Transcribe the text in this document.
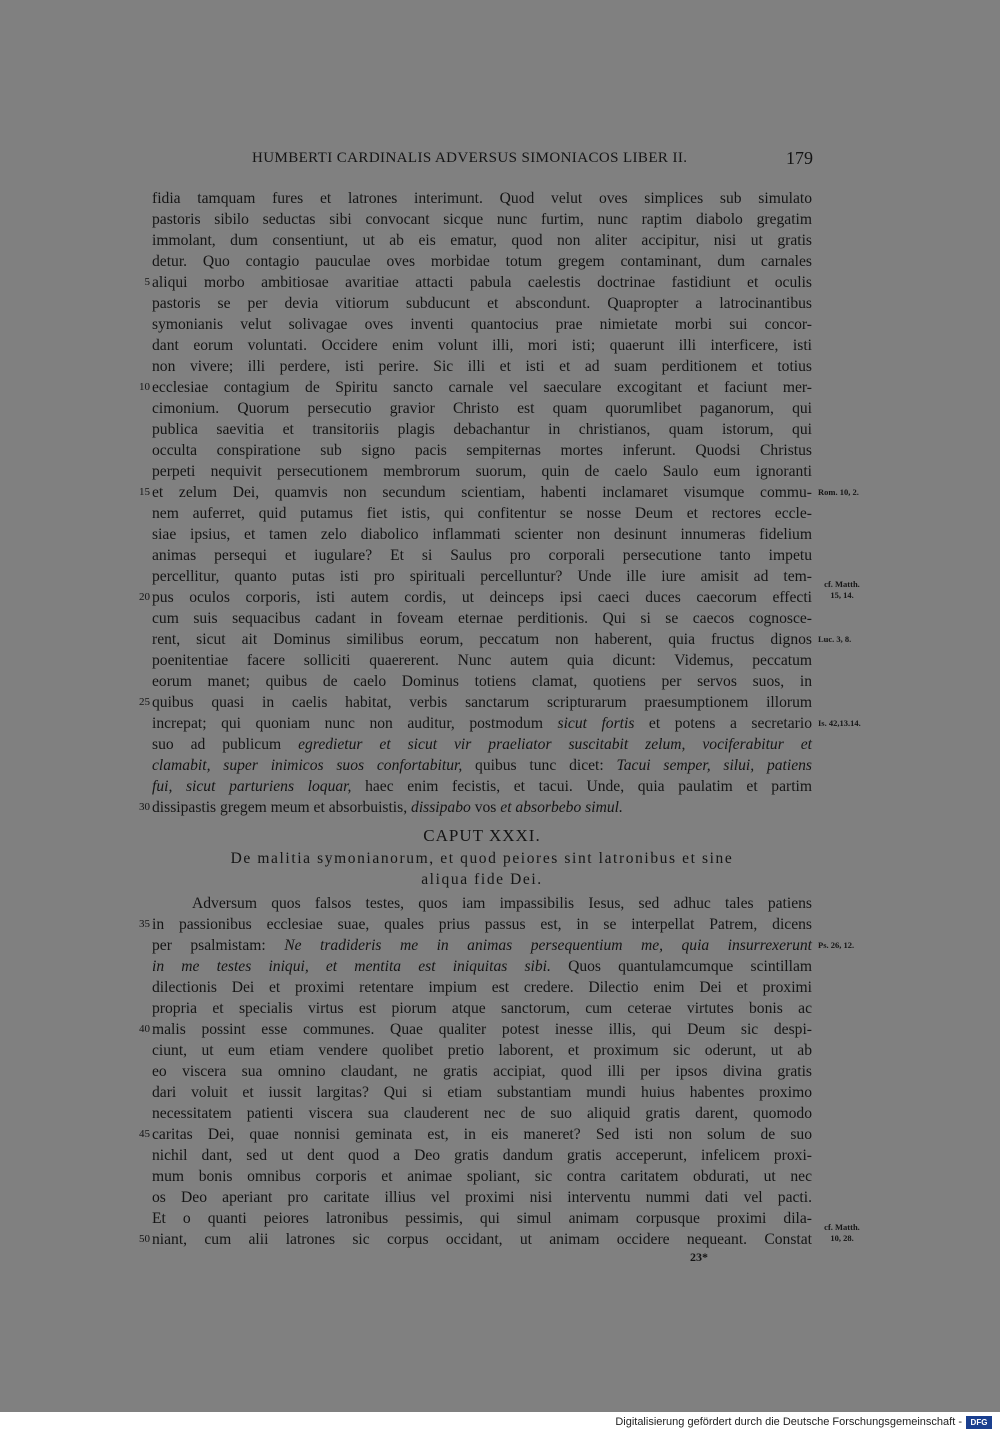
HUMBERTI CARDINALIS ADVERSUS SIMONIACOS LIBER II.	179
fidia tamquam fures et latrones interimunt. Quod velut oves simplices sub simulato
pastoris sibilo seductas sibi convocant sicque nunc furtim, nunc raptim diabolo gregatim
immolant, dum consentiunt, ut ab eis ematur, quod non aliter accipitur, nisi ut gratis
detur. Quo contagio pauculae oves morbidae totum gregem contaminant, dum carnales
aliqui morbo ambitiosae avaritiae attacti pabula caelestis doctrinae fastidiunt et oculis
pastoris se per devia vitiorum subducunt et abscondunt. Quapropter a latrocinantibus
symonianis velut solivagae oves inventi quantocius prae nimietate morbi sui concor-
dant eorum voluntati. Occidere enim volunt illi, mori isti; quaerunt illi interficere, isti
non vivere; illi perdere, isti perire. Sic illi et isti et ad suam perditionem et totius
ecclesiae contagium de Spiritu sancto carnale vel saeculare excogitant et faciunt mer-
cimonium. Quorum persecutio gravior Christo est quam quorumlibet paganorum, qui
publica saevitia et transitoriis plagis debachantur in christianos, quam istorum, qui
occulta conspiratione sub signo pacis sempiternas mortes inferunt. Quodsi Christus
perpeti nequivit persecutionem membrorum suorum, quin de caelo Saulo eum ignoranti
et zelum Dei, quamvis non secundum scientiam, habenti inclamaret visumque commu-
nem auferret, quid putamus fiet istis, qui confitentur se nosse Deum et rectores eccle-
siae ipsius, et tamen zelo diabolico inflammati scienter non desinunt innumeras fidelium
animas persequi et iugulare? Et si Saulus pro corporali persecutione tanto impetu
percellitur, quanto putas isti pro spirituali percelluntur? Unde ille iure amisit ad tem-
pus oculos corporis, isti autem cordis, ut deinceps ipsi caeci duces caecorum effecti
cum suis sequacibus cadant in foveam eternae perditionis. Qui si se caecos cognosce-
rent, sicut ait Dominus similibus eorum, peccatum non haberent, quia fructus dignos
poenitentiae facere solliciti quaererent. Nunc autem quia dicunt: Videmus, peccatum
eorum manet; quibus de caelo Dominus totiens clamat, quotiens per servos suos, in
quibus quasi in caelis habitat, verbis sanctarum scripturarum praesumptionem illorum
increpat; qui quoniam nunc non auditur, postmodum sicut fortis et potens a secretario
suo ad publicum egredietur et sicut vir praeliator suscitabit zelum, vociferabitur et
clamabit, super inimicos suos confortabitur, quibus tunc dicet: Tacui semper, silui, patiens
fui, sicut parturiens loquar, haec enim fecistis, et tacui. Unde, quia paulatim et partim
dissipastis gregem meum et absorbuistis, dissipabo vos et absorbebo simul.
CAPUT XXXI.
De malitia symonianorum, et quod peiores sint latronibus et sine
aliqua fide Dei.
Adversum quos falsos testes, quos iam impassibilis Iesus, sed adhuc tales patiens
in passionibus ecclesiae suae, quales prius passus est, in se interpellat Patrem, dicens
per psalmistam: Ne tradideris me in animas persequentium me, quia insurrexerunt
in me testes iniqui, et mentita est iniquitas sibi. Quos quantulamcumque scintillam
dilectionis Dei et proximi retentare impium est credere. Dilectio enim Dei et proximi
propria et specialis virtus est piorum atque sanctorum, cum ceterae virtutes bonis ac
malis possint esse communes. Quae qualiter potest inesse illis, qui Deum sic despi-
ciunt, ut eum etiam vendere quolibet pretio laborent, et proximum sic oderunt, ut ab
eo viscera sua omnino claudant, ne gratis accipiat, quod illi per ipsos divina gratis
dari voluit et iussit largitas? Qui si etiam substantiam mundi huius habentes proximo
necessitatem patienti viscera sua clauderent nec de suo aliquid gratis darent, quomodo
caritas Dei, quae nonnisi geminata est, in eis maneret? Sed isti non solum de suo
nichil dant, sed ut dent quod a Deo gratis dandum gratis acceperunt, infelicem proxi-
mum bonis omnibus corporis et animae spoliant, sic contra caritatem obdurati, ut nec
os Deo aperiant pro caritate illius vel proximi nisi interventu nummi dati vel pacti.
Et o quanti peiores latronibus pessimis, qui simul animam corpusque proximi dila-
niant, cum alii latrones sic corpus occidant, ut animam occidere nequeant. Constat
5
10
15
20
25
30
35
40
45
50
Rom. 10, 2.
cf. Matth.
15, 14.
Luc. 3, 8.
Is. 42,13.14.
Ps. 26, 12.
cf. Matth.
10, 28.
23*
Digitalisierung gefördert durch die Deutsche Forschungsgemeinschaft -	DFG
